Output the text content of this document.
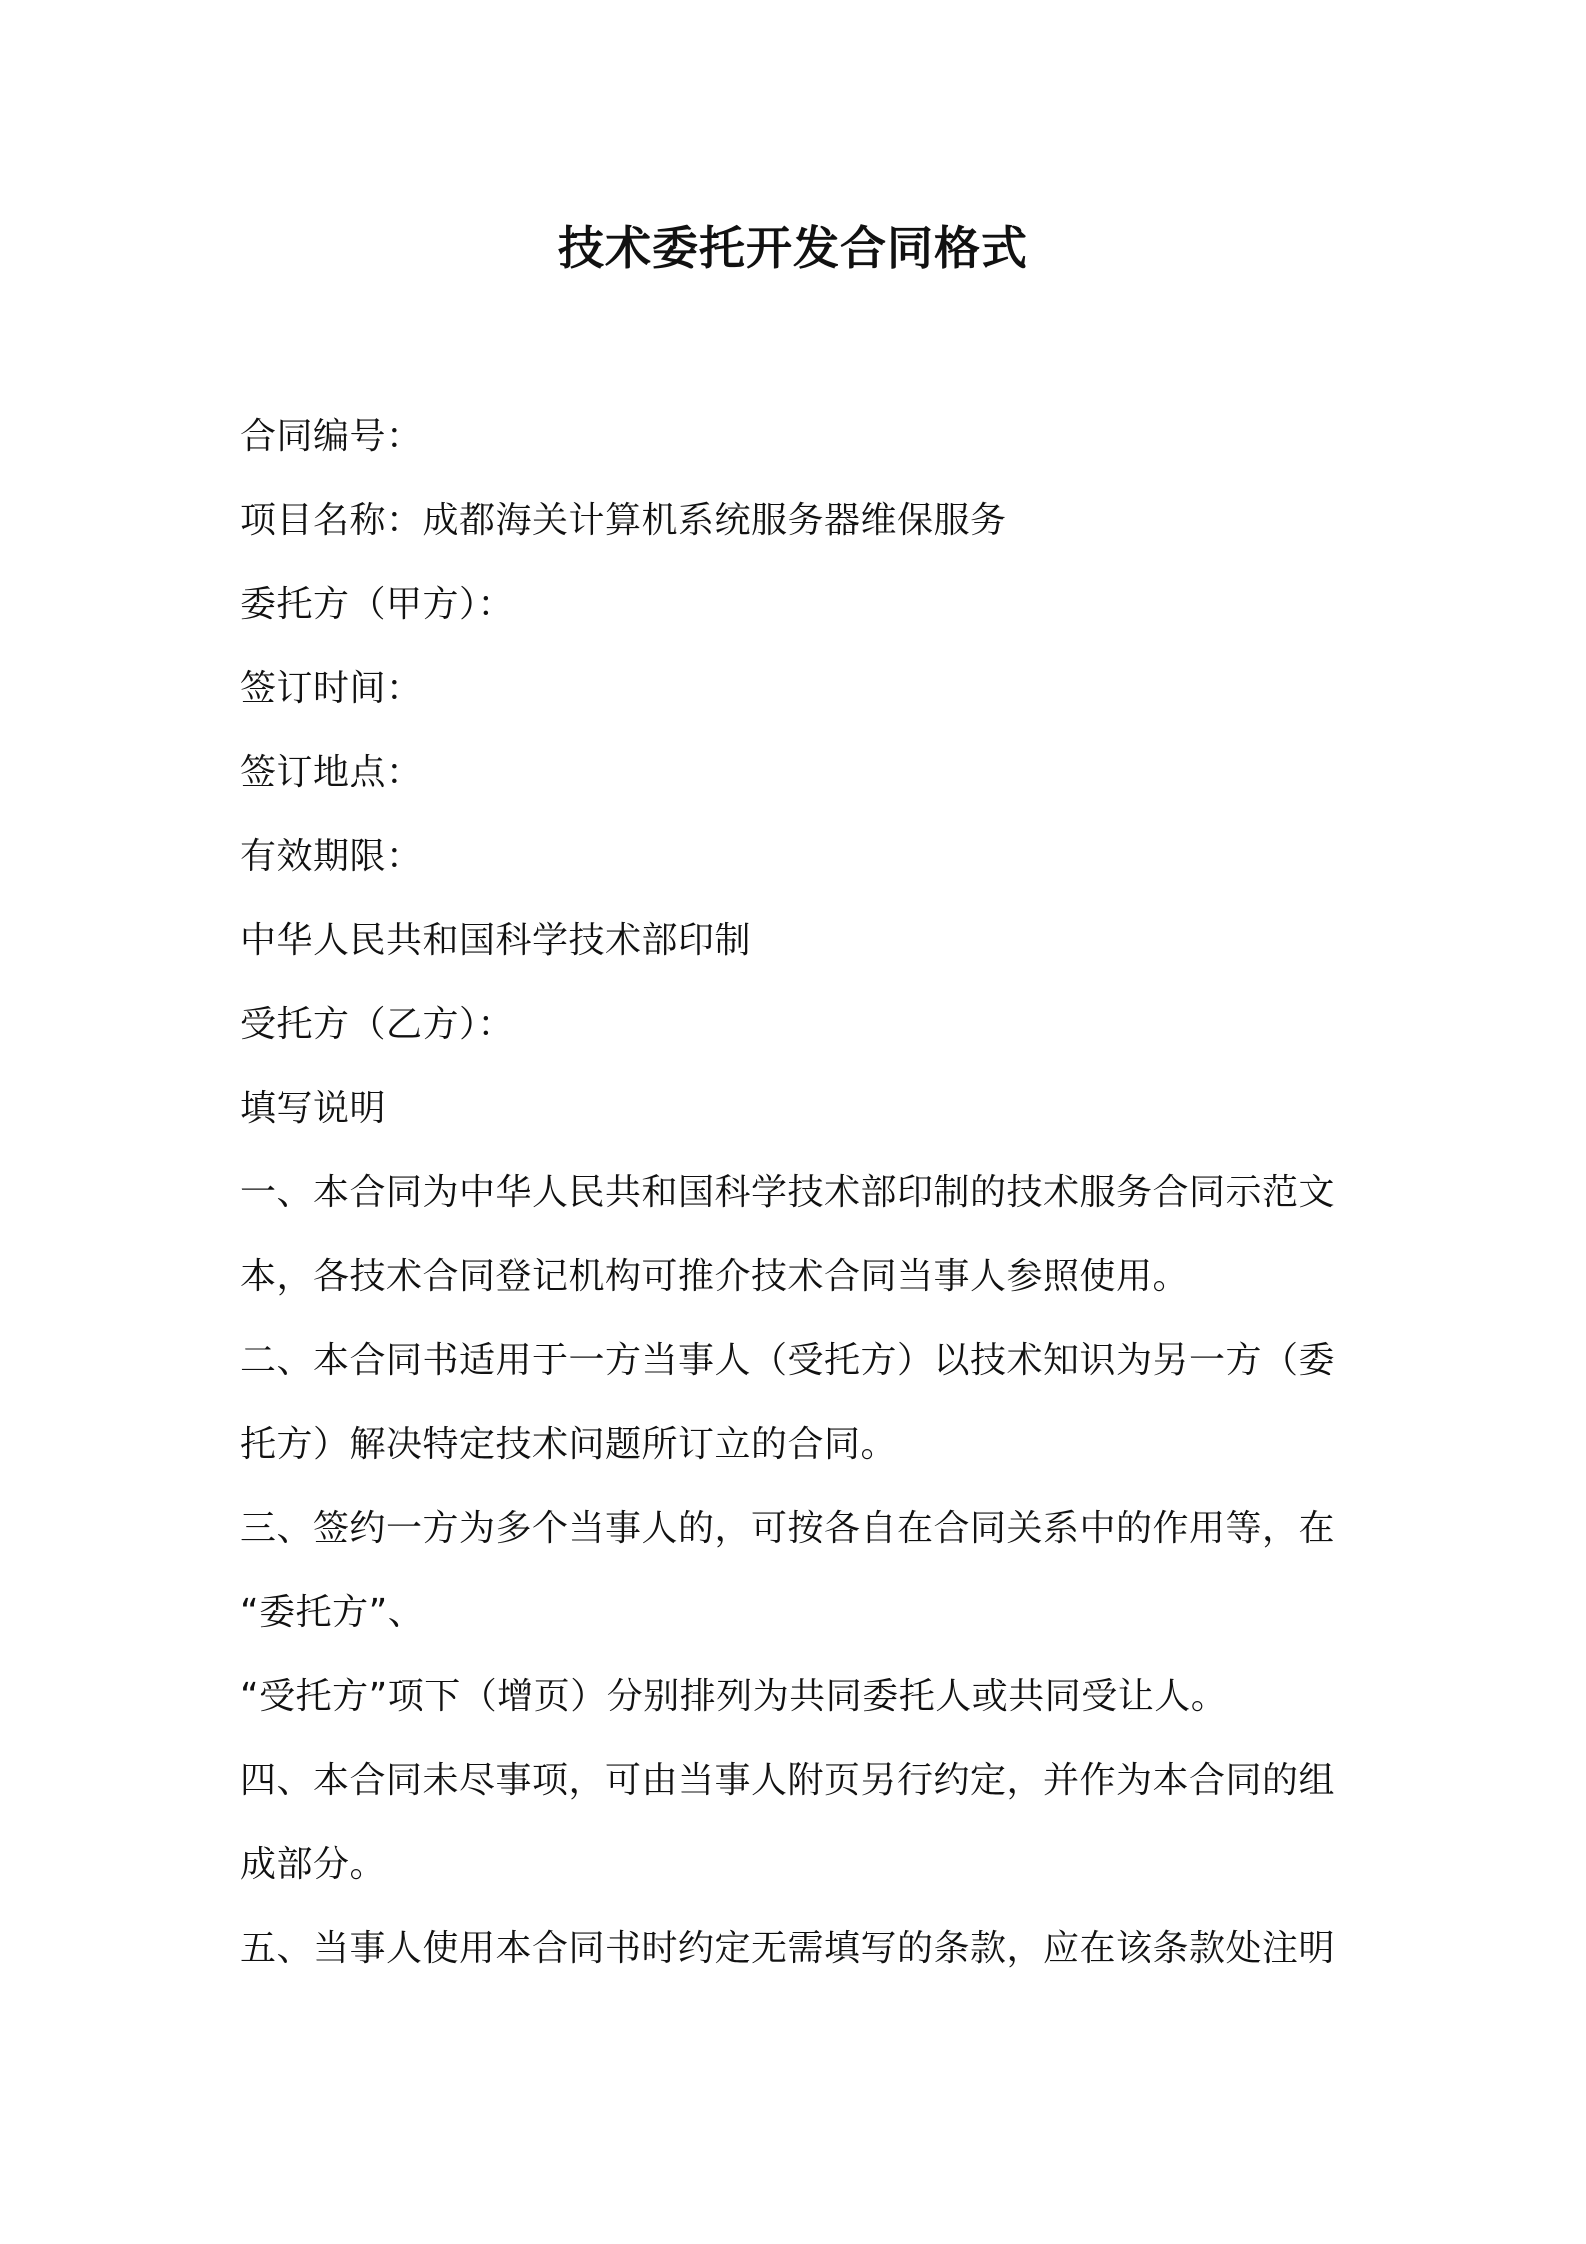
技术委托开发合同格式
合同编号：
项目名称：成都海关计算机系统服务器维保服务
委托方（甲方）：
签订时间：
签订地点：
有效期限：
中华人民共和国科学技术部印制
受托方（乙方）：
填写说明
一、本合同为中华人民共和国科学技术部印制的技术服务合同示范文
本，各技术合同登记机构可推介技术合同当事人参照使用。
二、本合同书适用于一方当事人（受托方）以技术知识为另一方（委
托方）解决特定技术问题所订立的合同。
三、签约一方为多个当事人的，可按各自在合同关系中的作用等，在
“委托方”、
“受托方”项下（增页）分别排列为共同委托人或共同受让人。
四、本合同未尽事项，可由当事人附页另行约定，并作为本合同的组
成部分。
五、当事人使用本合同书时约定无需填写的条款，应在该条款处注明
